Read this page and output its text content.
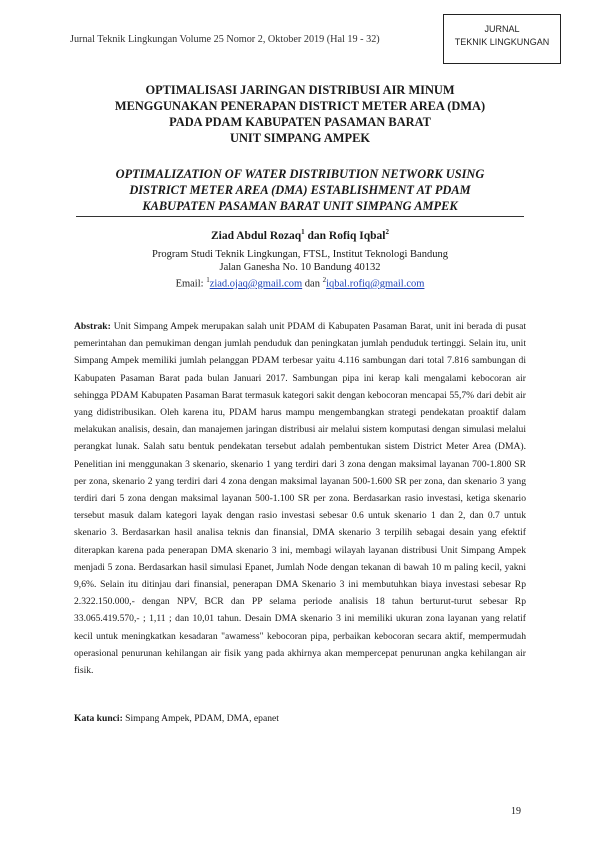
Jurnal Teknik Lingkungan Volume 25 Nomor 2, Oktober 2019 (Hal 19 - 32)
JURNAL
TEKNIK LINGKUNGAN
OPTIMALISASI JARINGAN DISTRIBUSI AIR MINUM
MENGGUNAKAN PENERAPAN DISTRICT METER AREA (DMA)
PADA PDAM KABUPATEN PASAMAN BARAT
UNIT SIMPANG AMPEK
OPTIMALIZATION OF WATER DISTRIBUTION NETWORK USING
DISTRICT METER AREA (DMA) ESTABLISHMENT AT PDAM
KABUPATEN PASAMAN BARAT UNIT SIMPANG AMPEK
Ziad Abdul Rozaq$^1$ dan Rofiq Iqbal$^2$
Program Studi Teknik Lingkungan, FTSL, Institut Teknologi Bandung
Jalan Ganesha No. 10 Bandung 40132
Email: $^1$ziad.ojaq@gmail.com dan $^2$iqbal.rofiq@gmail.com

Abstrak: Unit Simpang Ampek merupakan salah unit PDAM di Kabupaten Pasaman Barat, unit ini berada di pusat pemerintahan dan pemukiman dengan jumlah penduduk dan peningkatan jumlah penduduk tertinggi. Selain itu, unit Simpang Ampek memiliki jumlah pelanggan PDAM terbesar yaitu 4.116 sambungan dari total 7.816 sambungan di Kabupaten Pasaman Barat pada bulan Januari 2017. Sambungan pipa ini kerap kali mengalami kebocoran air sehingga PDAM Kabupaten Pasaman Barat termasuk kategori sakit dengan kebocoran mencapai 55,7% dari debit air yang didistribusikan. Oleh karena itu, PDAM harus mampu mengembangkan strategi pendekatan proaktif dalam melakukan analisis, desain, dan manajemen jaringan distribusi air melalui sistem komputasi dengan simulasi melalui perangkat lunak. Salah satu bentuk pendekatan tersebut adalah pembentukan sistem District Meter Area (DMA). Penelitian ini menggunakan 3 skenario, skenario 1 yang terdiri dari 3 zona dengan maksimal layanan 700-1.800 SR per zona, skenario 2 yang terdiri dari 4 zona dengan maksimal layanan 500-1.600 SR per zona, dan skenario 3 yang terdiri dari 5 zona dengan maksimal layanan 500-1.100 SR per zona. Berdasarkan rasio investasi, ketiga skenario tersebut masuk dalam kategori layak dengan rasio investasi sebesar 0.6 untuk skenario 1 dan 2, dan 0.7 untuk skenario 3. Berdasarkan hasil analisa teknis dan finansial, DMA skenario 3 terpilih sebagai desain yang efektif diterapkan karena pada penerapan DMA skenario 3 ini, membagi wilayah layanan distribusi Unit Simpang Ampek menjadi 5 zona. Berdasarkan hasil simulasi Epanet, Jumlah Node dengan tekanan di bawah 10 m paling kecil, yakni 9,6%. Selain itu ditinjau dari finansial, penerapan DMA Skenario 3 ini membutuhkan biaya investasi sebesar Rp 2.322.150.000,- dengan NPV, BCR dan PP selama periode analisis 18 tahun berturut-turut sebesar Rp 33.065.419.570,- ; 1,11 ; dan 10,01 tahun. Desain DMA skenario 3 ini memiliki ukuran zona layanan yang relatif kecil untuk meningkatkan kesadaran "awamess" kebocoran pipa, perbaikan kebocoran secara aktif, mempermudah operasional penurunan kehilangan air fisik yang pada akhirnya akan mempercepat penurunan angka kehilangan air fisik.

Kata kunci: Simpang Ampek, PDAM, DMA, epanet
19
